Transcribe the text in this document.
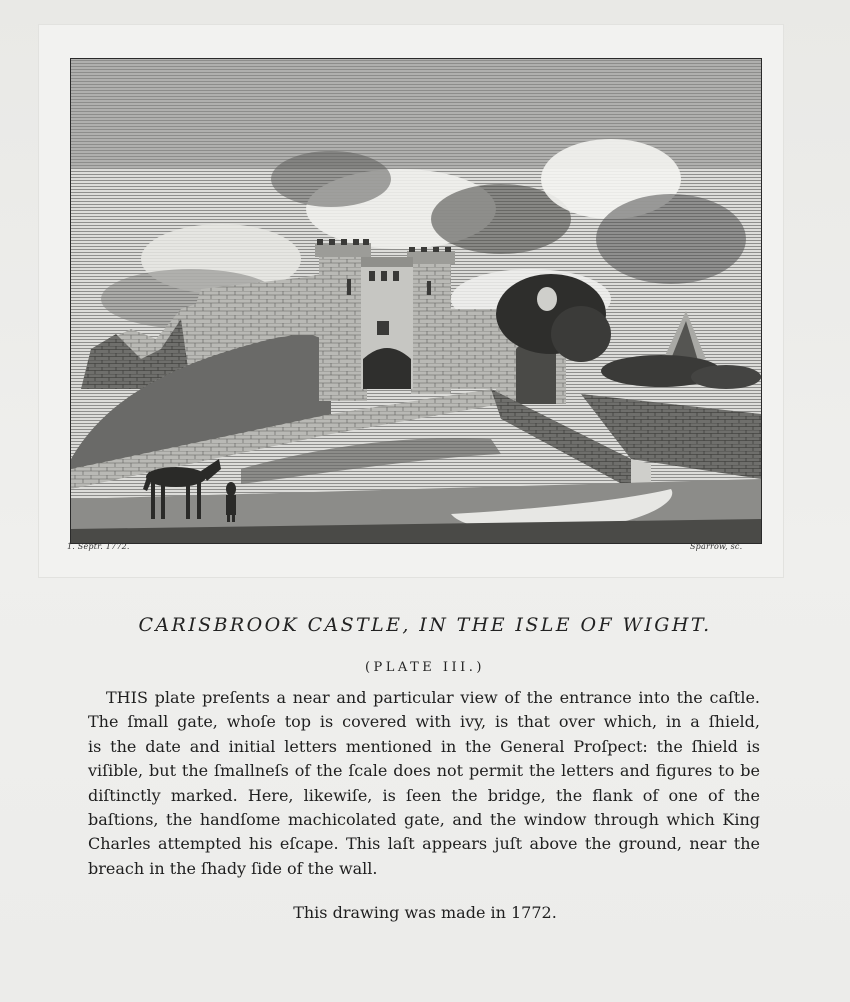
1. Septr. 1772.	Sparrow, sc.
CARISBROOK CASTLE, IN THE ISLE OF WIGHT.
(PLATE III.)
THIS plate preſents a near and particular view of the entrance into the caſtle.
The ſmall gate, whoſe top is covered with ivy, is that over which, in a ſhield,
is the date and initial letters mentioned in the General Proſpect: the ſhield is
viſible, but the ſmallneſs of the ſcale does not permit the letters and figures to be
diſtinctly marked. Here, likewiſe, is ſeen the bridge, the flank of one of the
baſtions, the handſome machicolated gate, and the window through which King
Charles attempted his eſcape. This laſt appears juſt above the ground, near the
breach in the ſhady ſide of the wall.
This drawing was made in 1772.
